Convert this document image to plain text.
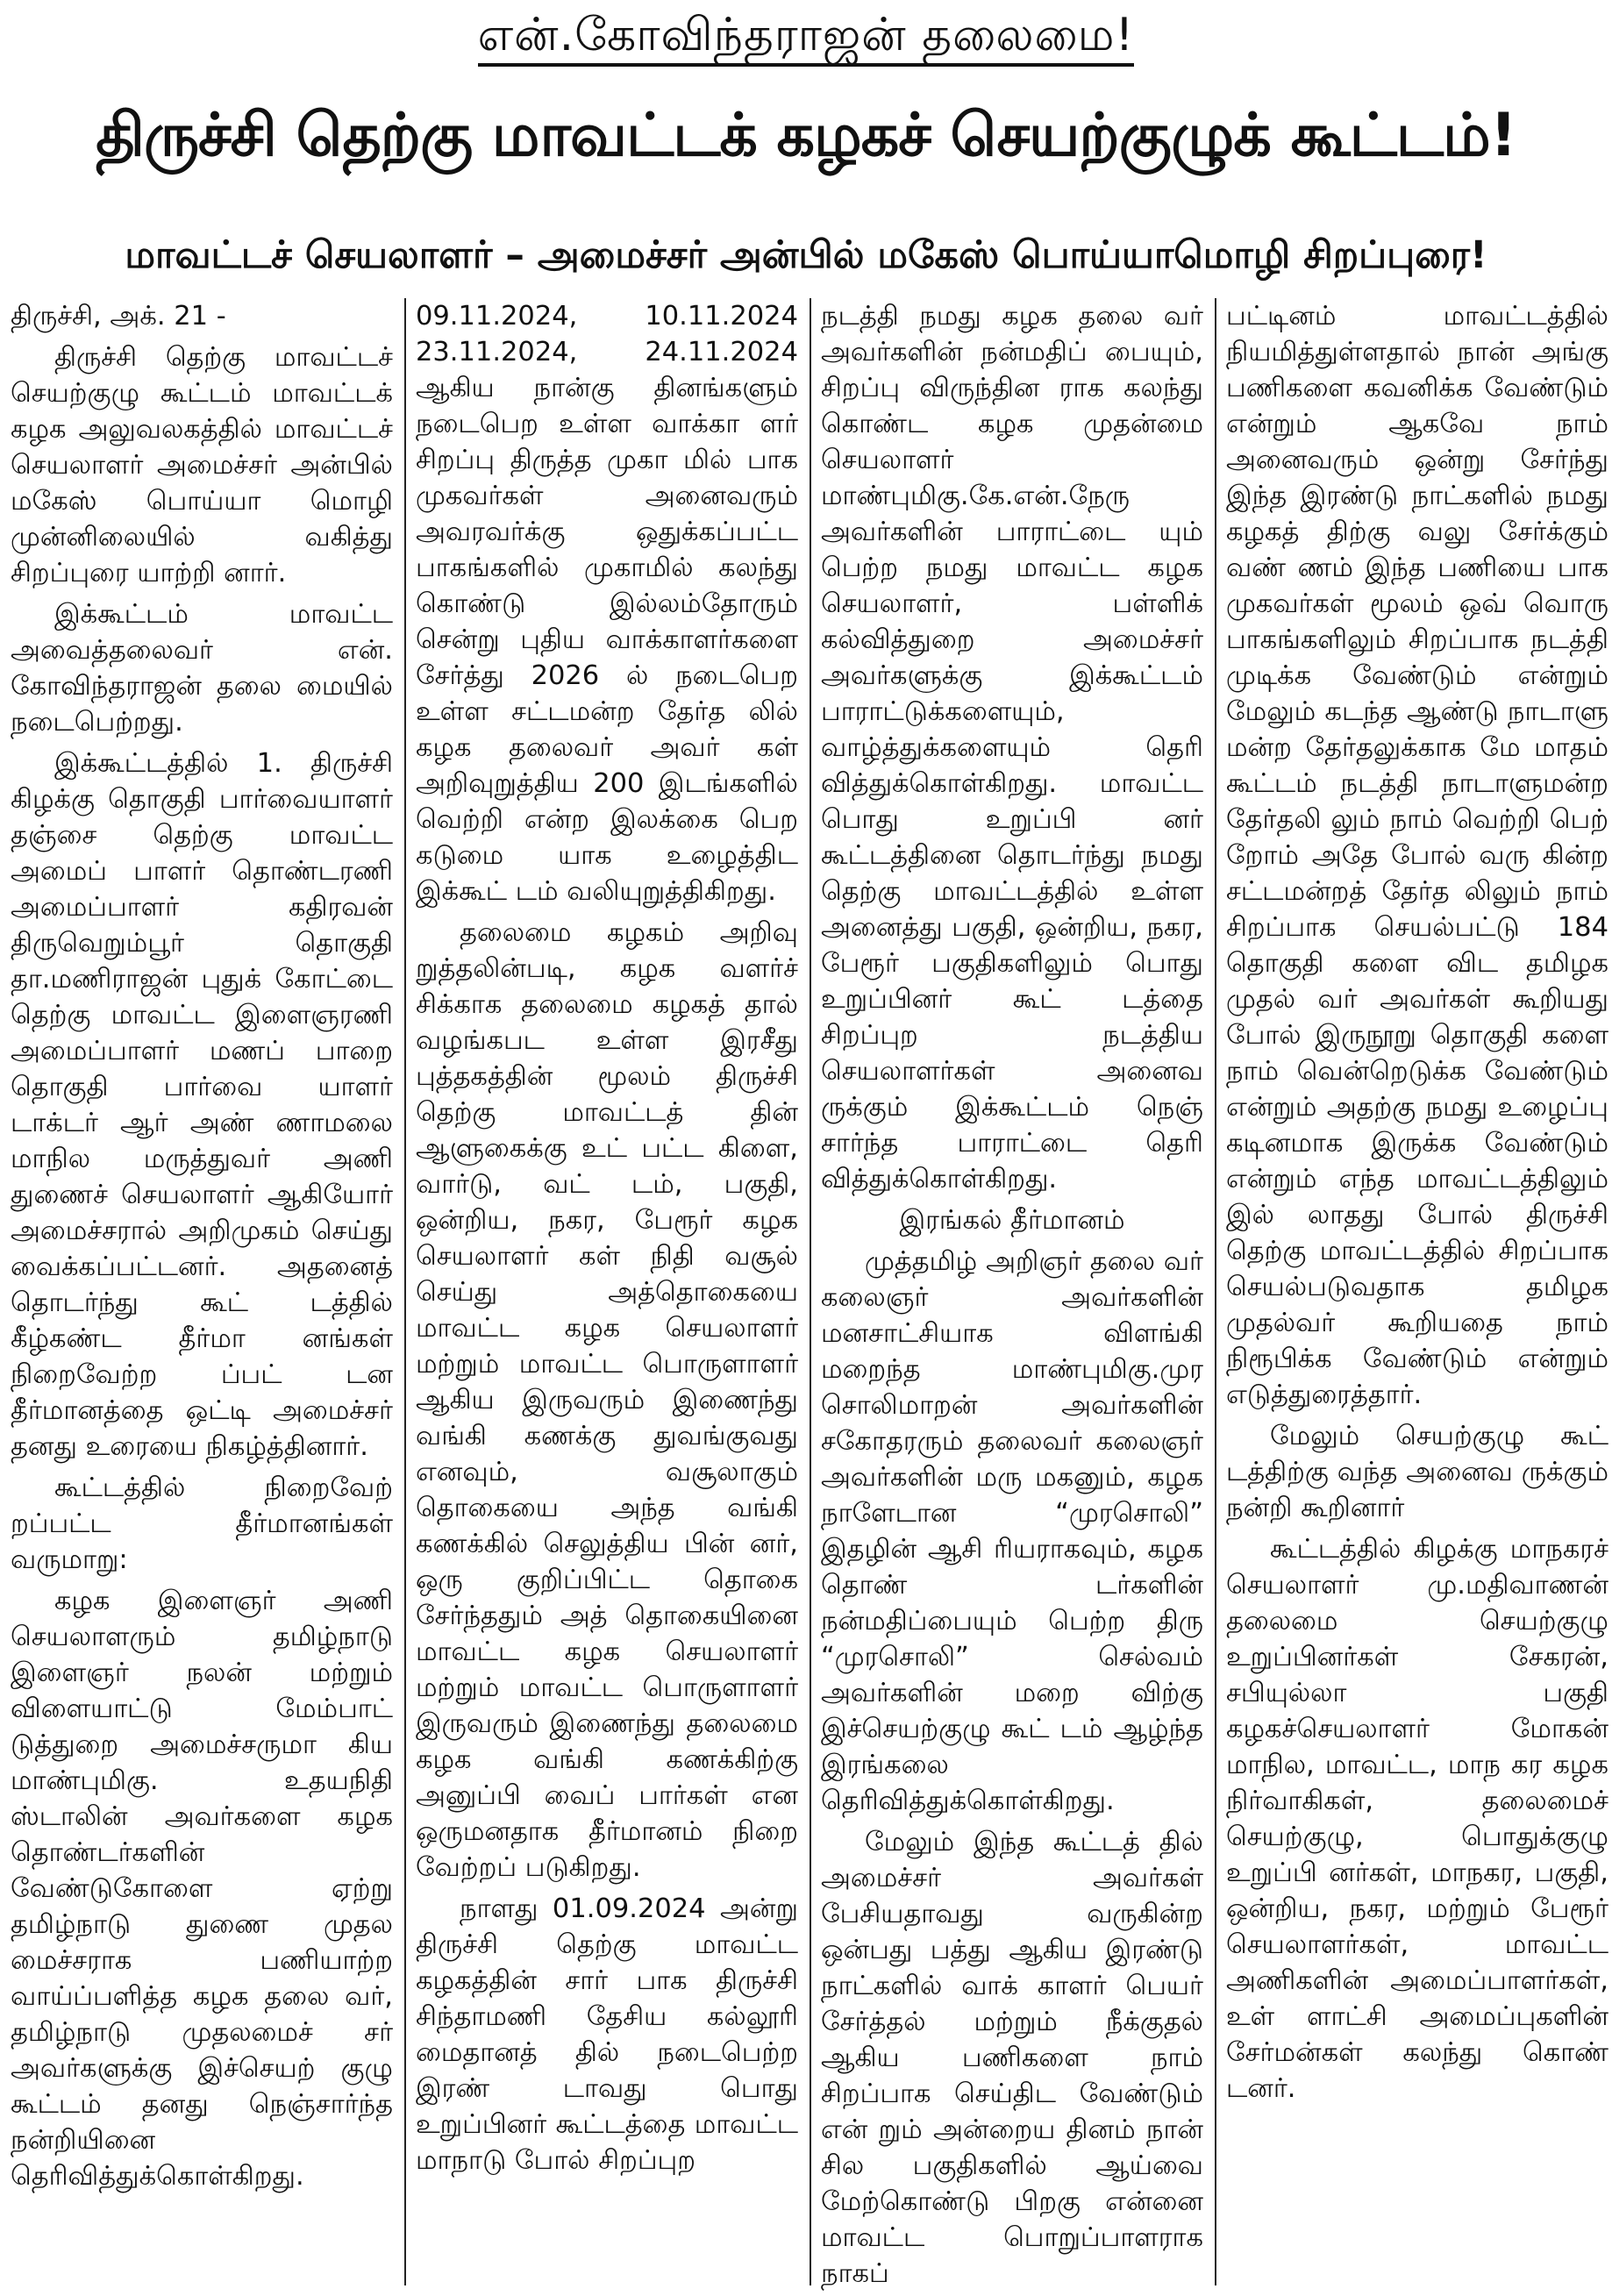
என்.கோவிந்தராஜன் தலைமை!
திருச்சி தெற்கு மாவட்டக் கழகச் செயற்குழுக் கூட்டம்!
மாவட்டச் செயலாளர் – அமைச்சர் அன்பில் மகேஸ் பொய்யாமொழி சிறப்புரை!

திருச்சி, அக். 21 -

திருச்சி தெற்கு மாவட்டச் செயற்குழு கூட்டம் மாவட்டக் கழக அலுவலகத்தில் மாவட்டச் செயலாளர் அமைச்சர் அன்பில் மகேஸ் பொய்யா மொழி முன்னிலையில் வகித்து சிறப்புரை யாற்றி னார்.

இக்கூட்டம் மாவட்ட அவைத்தலைவர் என். கோவிந்தராஜன் தலை மையில் நடைபெற்றது.

இக்கூட்டத்தில் 1. திருச்சி கிழக்கு தொகுதி பார்வையாளர் தஞ்சை தெற்கு மாவட்ட அமைப் பாளர் தொண்டரணி அமைப்பாளர் கதிரவன் திருவெறும்பூர் தொகுதி தா.மணிராஜன் புதுக் கோட்டை தெற்கு மாவட்ட இளைஞரணி அமைப்பாளர் மணப் பாறை தொகுதி பார்வை யாளர் டாக்டர் ஆர் அண் ணாமலை மாநில மருத்துவர் அணி துணைச் செயலாளர் ஆகியோர் அமைச்சரால் அறிமுகம் செய்து வைக்கப்பட்டனர். அதனைத் தொடர்ந்து கூட் டத்தில் கீழ்கண்ட தீர்மா னங்கள் நிறைவேற்ற ப்பட் டன தீர்மானத்தை ஒட்டி அமைச்சர் தனது உரையை நிகழ்த்தினார்.

கூட்டத்தில் நிறைவேற் றப்பட்ட தீர்மானங்கள் வருமாறு:

கழக இளைஞர் அணி செயலாளரும் தமிழ்நாடு இளைஞர் நலன் மற்றும் விளையாட்டு மேம்பாட் டுத்துறை அமைச்சருமா கிய மாண்புமிகு. உதயநிதி ஸ்டாலின் அவர்களை கழக தொண்டர்களின் வேண்டுகோளை ஏற்று தமிழ்நாடு துணை முதல மைச்சராக பணியாற்ற வாய்ப்பளித்த கழக தலை வர், தமிழ்நாடு முதலமைச் சர் அவர்களுக்கு இச்செயற் குழு கூட்டம் தனது நெஞ்சார்ந்த நன்றியினை தெரிவித்துக்கொள்கிறது.

09.11.2024, 10.11.2024 23.11.2024, 24.11.2024 ஆகிய நான்கு தினங்களும் நடைபெற உள்ள வாக்கா ளர் சிறப்பு திருத்த முகா மில் பாக முகவர்கள் அனைவரும் அவரவர்க்கு ஒதுக்கப்பட்ட பாகங்களில் முகாமில் கலந்து கொண்டு இல்லம்தோரும் சென்று புதிய வாக்காளர்களை சேர்த்து 2026 ல் நடைபெற உள்ள சட்டமன்ற தேர்த லில் கழக தலைவர் அவர் கள் அறிவுறுத்திய 200 இடங்களில் வெற்றி என்ற இலக்கை பெற கடுமை யாக உழைத்திட இக்கூட் டம் வலியுறுத்திகிறது.

தலைமை கழகம் அறிவு றுத்தலின்படி, கழக வளர்ச் சிக்காக தலைமை கழகத் தால் வழங்கபட உள்ள இரசீது புத்தகத்தின் மூலம் திருச்சி தெற்கு மாவட்டத் தின் ஆளுகைக்கு உட் பட்ட கிளை, வார்டு, வட் டம், பகுதி, ஒன்றிய, நகர, பேரூர் கழக செயலாளர் கள் நிதி வசூல் செய்து அத்தொகையை மாவட்ட கழக செயலாளர் மற்றும் மாவட்ட பொருளாளர் ஆகிய இருவரும் இணைந்து வங்கி கணக்கு துவங்குவது எனவும், வசூலாகும் தொகையை அந்த வங்கி கணக்கில் செலுத்திய பின் னர், ஒரு குறிப்பிட்ட தொகை சேர்ந்ததும் அத் தொகையினை மாவட்ட கழக செயலாளர் மற்றும் மாவட்ட பொருளாளர் இருவரும் இணைந்து தலைமை கழக வங்கி கணக்கிற்கு அனுப்பி வைப் பார்கள் என ஒருமனதாக தீர்மானம் நிறை வேற்றப் படுகிறது.

நாளது 01.09.2024 அன்று திருச்சி தெற்கு மாவட்ட கழகத்தின் சார் பாக திருச்சி சிந்தாமணி தேசிய கல்லூரி மைதானத் தில் நடைபெற்ற இரண் டாவது பொது உறுப்பினர் கூட்டத்தை மாவட்ட மாநாடு போல் சிறப்புற

நடத்தி நமது கழக தலை வர் அவர்களின் நன்மதிப் பையும், சிறப்பு விருந்தின ராக கலந்து கொண்ட கழக முதன்மை செயலாளர் மாண்புமிகு.கே.என்.நேரு அவர்களின் பாராட்டை யும் பெற்ற நமது மாவட்ட கழக செயலாளர், பள்ளிக் கல்வித்துறை அமைச்சர் அவர்களுக்கு இக்கூட்டம் பாராட்டுக்களையும், வாழ்த்துக்களையும் தெரி வித்துக்கொள்கிறது. மாவட்ட பொது உறுப்பி னர் கூட்டத்தினை தொடர்ந்து நமது தெற்கு மாவட்டத்தில் உள்ள அனைத்து பகுதி, ஒன்றிய, நகர, பேரூர் பகுதிகளிலும் பொது உறுப்பினர் கூட் டத்தை சிறப்புற நடத்திய செயலாளர்கள் அனைவ ருக்கும் இக்கூட்டம் நெஞ் சார்ந்த பாராட்டை தெரி வித்துக்கொள்கிறது.

இரங்கல் தீர்மானம்

முத்தமிழ் அறிஞர் தலை வர் கலைஞர் அவர்களின் மனசாட்சியாக விளங்கி மறைந்த மாண்புமிகு.முர சொலிமாறன் அவர்களின் சகோதரரும் தலைவர் கலைஞர் அவர்களின் மரு மகனும், கழக நாளேடான “முரசொலி” இதழின் ஆசி ரியராகவும், கழக தொண் டர்களின் நன்மதிப்பையும் பெற்ற திரு “முரசொலி” செல்வம் அவர்களின் மறை விற்கு இச்செயற்குழு கூட் டம் ஆழ்ந்த இரங்கலை தெரிவித்துக்கொள்கிறது.

மேலும் இந்த கூட்டத் தில் அமைச்சர் அவர்கள் பேசியதாவது வருகின்ற ஒன்பது பத்து ஆகிய இரண்டு நாட்களில் வாக் காளர் பெயர் சேர்த்தல் மற்றும் நீக்குதல் ஆகிய பணிகளை நாம் சிறப்பாக செய்திட வேண்டும் என் றும் அன்றைய தினம் நான் சில பகுதிகளில் ஆய்வை மேற்கொண்டு பிறகு என்னை மாவட்ட பொறுப்பாளராக நாகப்

பட்டினம் மாவட்டத்தில் நியமித்துள்ளதால் நான் அங்கு பணிகளை கவனிக்க வேண்டும் என்றும் ஆகவே நாம் அனைவரும் ஒன்று சேர்ந்து இந்த இரண்டு நாட்களில் நமது கழகத் திற்கு வலு சேர்க்கும் வண் ணம் இந்த பணியை பாக முகவர்கள் மூலம் ஒவ் வொரு பாகங்களிலும் சிறப்பாக நடத்தி முடிக்க வேண்டும் என்றும் மேலும் கடந்த ஆண்டு நாடாளு மன்ற தேர்தலுக்காக மே மாதம் கூட்டம் நடத்தி நாடாளுமன்ற தேர்தலி லும் நாம் வெற்றி பெற் றோம் அதே போல் வரு கின்ற சட்டமன்றத் தேர்த லிலும் நாம் சிறப்பாக செயல்பட்டு 184 தொகுதி களை விட தமிழக முதல் வர் அவர்கள் கூறியது போல் இருநூறு தொகுதி களை நாம் வென்றெடுக்க வேண்டும் என்றும் அதற்கு நமது உழைப்பு கடினமாக இருக்க வேண்டும் என்றும் எந்த மாவட்டத்திலும் இல் லாதது போல் திருச்சி தெற்கு மாவட்டத்தில் சிறப்பாக செயல்படுவதாக தமிழக முதல்வர் கூறியதை நாம் நிரூபிக்க வேண்டும் என்றும் எடுத்துரைத்தார்.

மேலும் செயற்குழு கூட் டத்திற்கு வந்த அனைவ ருக்கும் நன்றி கூறினார்

கூட்டத்தில் கிழக்கு மாநகரச் செயலாளர் மு.மதிவாணன் தலைமை செயற்குழு உறுப்பினர்கள் சேகரன், சபியுல்லா பகுதி கழகச்செயலாளர் மோகன் மாநில, மாவட்ட, மாந கர கழக நிர்வாகிகள், தலைமைச் செயற்குழு, பொதுக்குழு உறுப்பி னர்கள், மாநகர, பகுதி, ஒன்றிய, நகர, மற்றும் பேரூர் செயலாளர்கள், மாவட்ட அணிகளின் அமைப்பாளர்கள், உள் ளாட்சி அமைப்புகளின் சேர்மன்கள் கலந்து கொண் டனர்.
